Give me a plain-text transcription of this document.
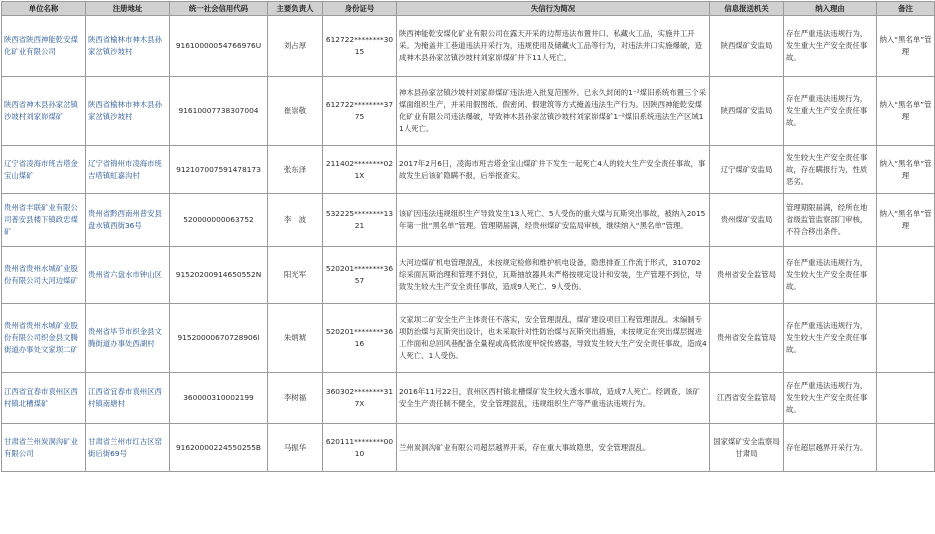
单位名称	注册地址	统一社会信用代码	主要负责人	身份证号	失信行为简况	信息报送机关	纳入理由	备注
陕西省陕西神能乾安煤化矿业有限公司	陕西省榆林市神木县孙家岔镇沙坡村	91610000054766976U	刘占厚	612722********3015	陕西神能乾安煤化矿业有限公司在露天开采的边帮违法布置井口、私藏火工品，实施井工开采。为掩盖井工巷道违法开采行为，违规使用及储藏火工品等行为，对违法井口实施爆破，造成神木县孙家岔镇沙坡村刘家峁煤矿井下11人死亡。	陕西煤矿安监局	存在严重违法违规行为，发生重大生产安全责任事故。	纳入“黑名单”管理
陕西省神木县孙家岔镇沙坡村刘家峁煤矿	陕西省榆林市神木县孙家岔镇沙坡村	91610007738307004	崔崇敬	612722********3775	神木县孙家岔镇沙坡村刘家峁煤矿违法进入批复范围外、已永久封闭的1⁻²煤旧系统布置三个采煤面组织生产，并采用假图纸、假密闭、假建筑等方式掩盖违法生产行为。因陕西神能乾安煤化矿业有限公司违法爆破，导致神木县孙家岔镇沙坡村刘家峁煤矿1⁻²煤旧系统违法生产区域11人死亡。	陕西煤矿安监局	存在严重违法违规行为，发生重大生产安全责任事故。	纳入“黑名单”管理
辽宁省凌海市班吉塔金宝山煤矿	辽宁省锦州市凌海市班吉塔镇虹嘉沟村	91210700759147817З	张东泽	211402********021X	2017年2月6日，凌海市班吉塔金宝山煤矿井下发生一起死亡4人的较大生产安全责任事故，事故发生后该矿隐瞒不报，后举报查实。	辽宁煤矿安监局	发生较大生产安全责任事故，存在瞒报行为，性质恶劣。	纳入“黑名单”管理
贵州省丰联矿业有限公司普安县楼下镇政忠煤矿	贵州省黔西南州普安县盘水镇西街36号	520000000063752	李　波	532225********1321	该矿因违法违规组织生产导致发生13人死亡、5人受伤的重大煤与瓦斯突出事故，被纳入2015年第一批“黑名单”管理。管理期届满，经贵州煤矿安监局审核，继续纳入“黑名单”管理。	贵州煤矿安监局	管理期限届满，经所在地省级监管监察部门审核，不符合移出条件。	纳入“黑名单”管理
贵州省贵州水城矿业股份有限公司大河边煤矿	贵州省六盘水市钟山区	91520200914650552N	阳光军	520201********3657	大河边煤矿机电管理混乱，未按规定检修和维护机电设备，隐患排查工作流于形式，310702综采面瓦斯治理和管理不到位，瓦斯抽放器具未严格按规定设计和安装，生产管理不到位，导致发生较大生产安全责任事故，造成9人死亡、9人受伤。	贵州省安全监管局	存在严重违法违规行为，发生较大生产安全责任事故。	
贵州省贵州水城矿业股份有限公司织金县文腾街道办事处文家坝二矿	贵州省毕节市织金县文腾街道办事处西湖村	91520000670728906l	朱炳琥	520201********3616	文家坝二矿安全生产主体责任不落实，安全管理混乱，煤矿建设项目工程管理混乱。未编制专项防治煤与瓦斯突出设计，也未采取针对性防治煤与瓦斯突出措施，未按规定在突出煤层掘进工作面和总回风巷配备全量程或高低浓度甲烷传感器，导致发生较大生产安全责任事故，造成4人死亡、1人受伤。	贵州省安全监管局	存在严重违法违规行为，发生较大生产安全责任事故。	
江西省宜春市袁州区西村镇北槽煤矿	江西省宜春市袁州区西村镇南塘村	360000310002199	李树福	360302********317X	2016年11月22日，袁州区西村镇北槽煤矿发生较大透水事故，造成7人死亡。经调查，该矿安全生产责任制不健全，安全管理混乱，违规组织生产等严重违法违规行为。	江西省安全监管局	存在严重违法违规行为，发生较大生产安全责任事故。	
甘肃省兰州炭洞沟矿业有限公司	甘肃省兰州市红古区窑街后街69号	91620000224550255B	马振华	620111********0010	兰州炭洞沟矿业有限公司超层越界开采，存在重大事故隐患，安全管理混乱。	国家煤矿安全监察局甘肃局	存在超层越界开采行为。	
